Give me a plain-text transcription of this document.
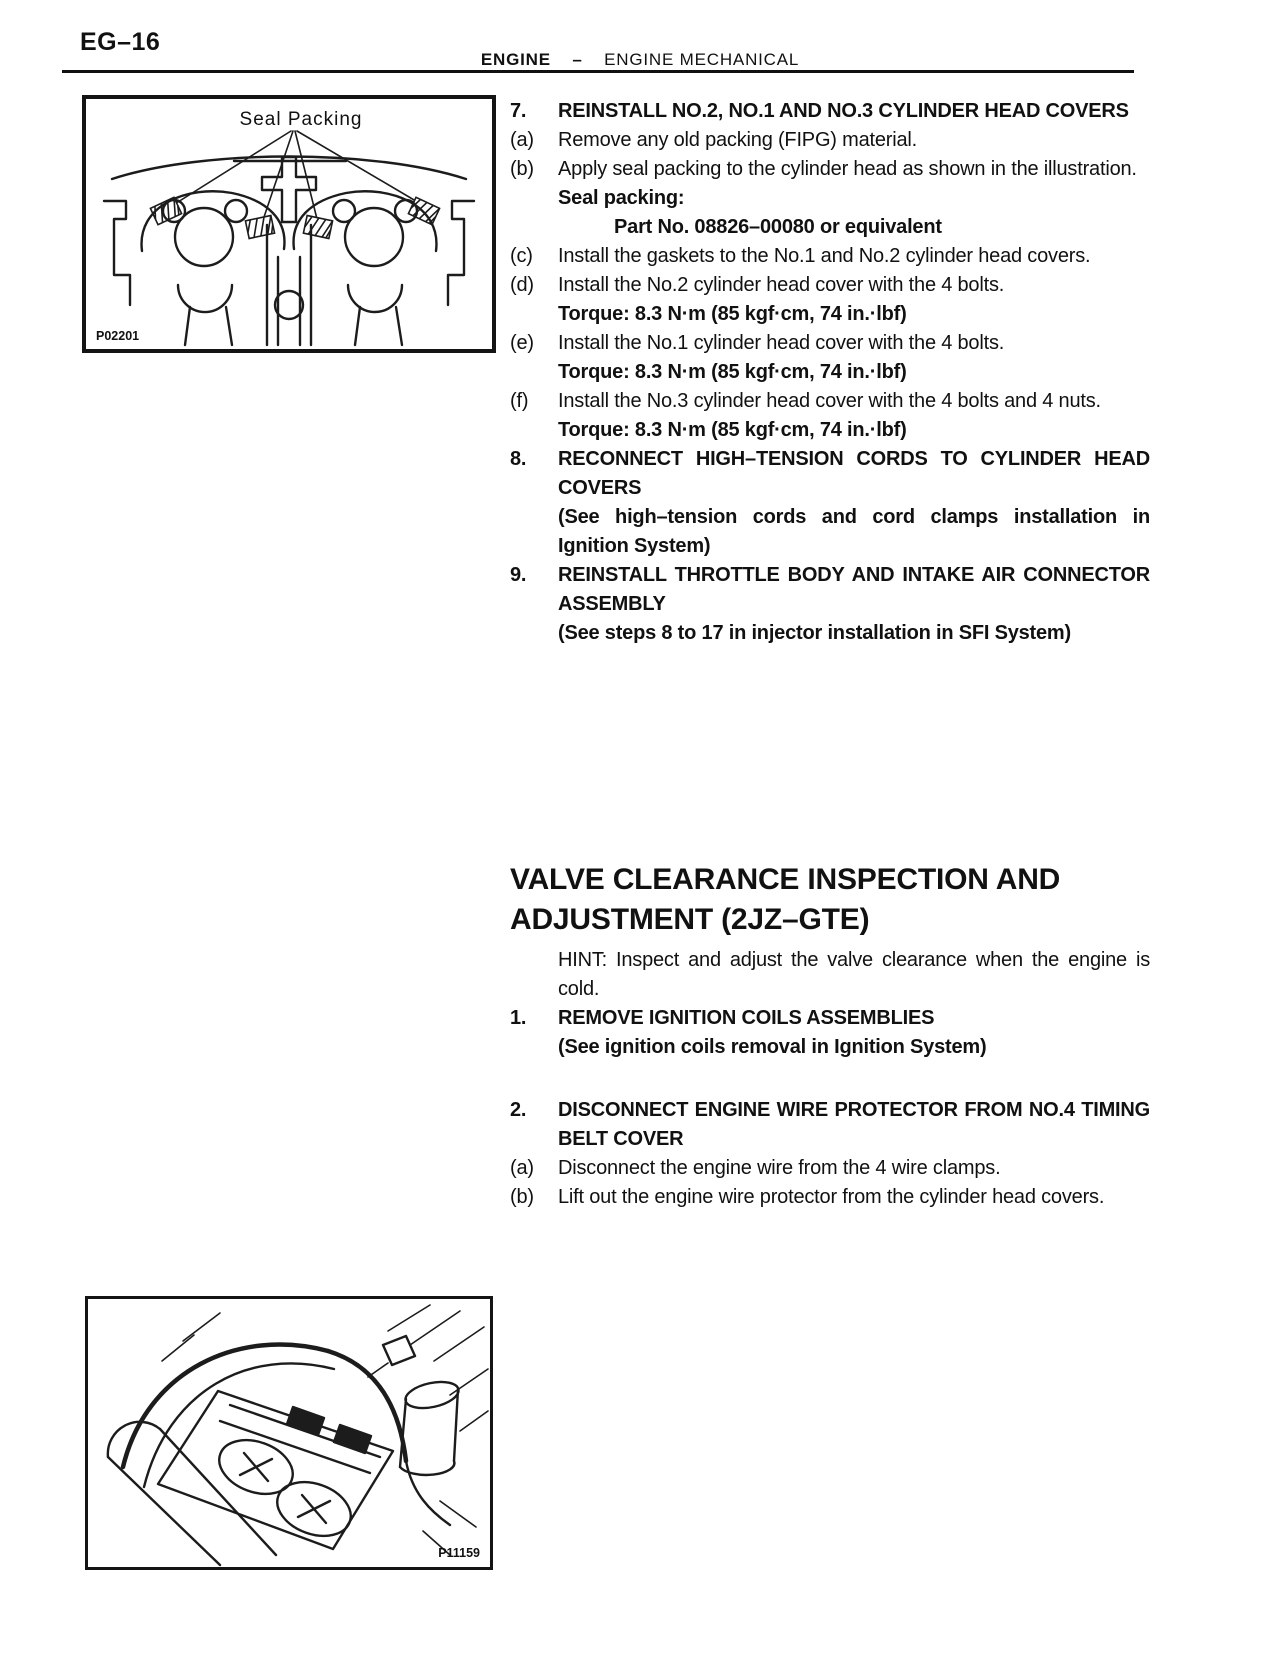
EG–16
ENGINE – ENGINE MECHANICAL
Seal Packing
P02201
7.	REINSTALL NO.2, NO.1 AND NO.3 CYLINDER HEAD COVERS
(a)	Remove any old packing (FIPG) material.
(b)	Apply seal packing to the cylinder head as shown in the illustration.
Seal packing:
Part No. 08826–00080 or equivalent
(c)	Install the gaskets to the No.1 and No.2 cylinder head covers.
(d)	Install the No.2 cylinder head cover with the 4 bolts.
Torque: 8.3 N·m (85 kgf·cm, 74 in.·lbf)
(e)	Install the No.1 cylinder head cover with the 4 bolts.
Torque: 8.3 N·m (85 kgf·cm, 74 in.·lbf)
(f)	Install the No.3 cylinder head cover with the 4 bolts and 4 nuts.
Torque: 8.3 N·m (85 kgf·cm, 74 in.·lbf)
8.	RECONNECT HIGH–TENSION CORDS TO CYLINDER HEAD COVERS
(See high–tension cords and cord clamps installation in Ignition System)
9.	REINSTALL THROTTLE BODY AND INTAKE AIR CONNECTOR ASSEMBLY
(See steps 8 to 17 in injector installation in SFI System)
VALVE CLEARANCE INSPECTION AND ADJUSTMENT (2JZ–GTE)
HINT: Inspect and adjust the valve clearance when the engine is cold.
1.	REMOVE IGNITION COILS ASSEMBLIES
(See ignition coils removal in Ignition System)
2.	DISCONNECT ENGINE WIRE PROTECTOR FROM NO.4 TIMING BELT COVER
(a)	Disconnect the engine wire from the 4 wire clamps.
(b)	Lift out the engine wire protector from the cylinder head covers.
P11159
